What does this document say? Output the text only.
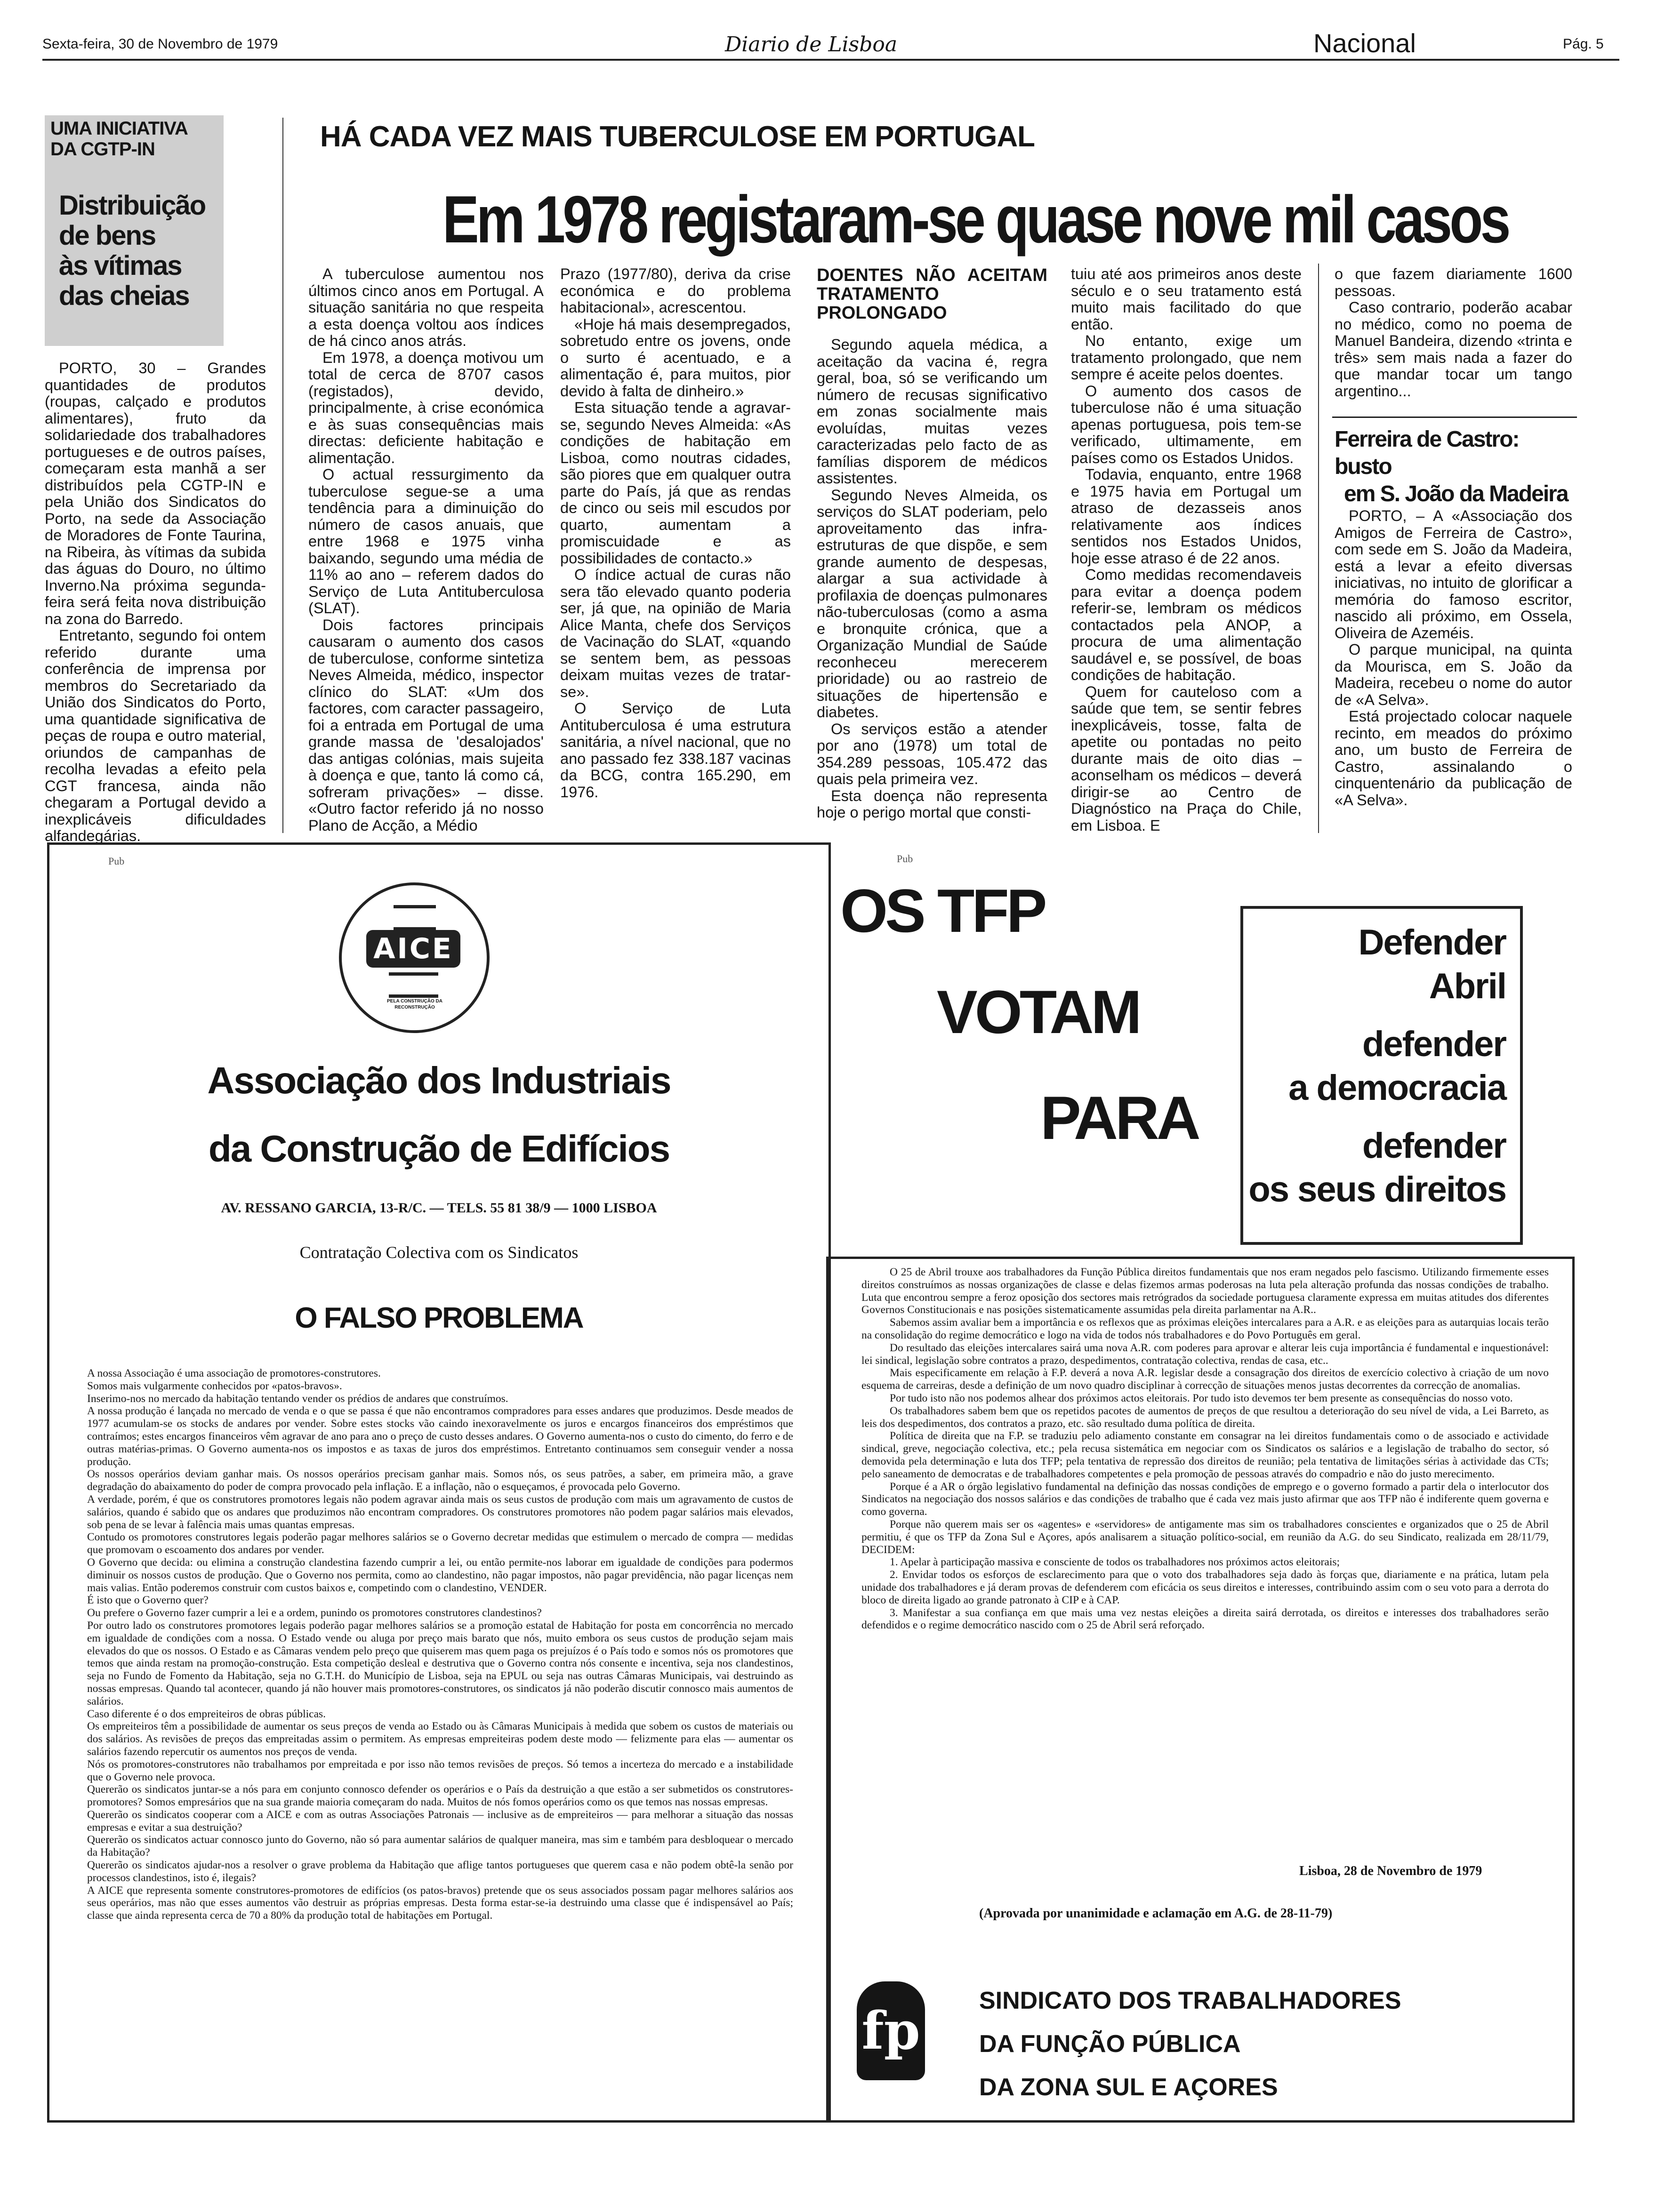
Sexta-feira, 30 de Novembro de 1979	Diario de Lisboa	Nacional	Pág. 5
UMA INICIATIVA
DA CGTP-IN
Distribuição
de bens
às vítimas
das cheias

PORTO, 30 – Grandes quantidades de produtos (roupas, calçado e produtos alimentares), fruto da solidariedade dos trabalhadores portugueses e de outros países, começaram esta manhã a ser distribuídos pela CGTP-IN e pela União dos Sindicatos do Porto, na sede da Associação de Moradores de Fonte Taurina, na Ribeira, às vítimas da subida das águas do Douro, no último Inverno.Na próxima segunda-feira será feita nova distribuição na zona do Barredo.

Entretanto, segundo foi ontem referido durante uma conferência de imprensa por membros do Secretariado da União dos Sindicatos do Porto, uma quantidade significativa de peças de roupa e outro material, oriundos de campanhas de recolha levadas a efeito pela CGT francesa, ainda não chegaram a Portugal devido a inexplicáveis dificuldades alfandegárias.

HÁ CADA VEZ MAIS TUBERCULOSE EM PORTUGAL
Em 1978 registaram-se quase nove mil casos

A tuberculose aumentou nos últimos cinco anos em Portugal. A situação sanitária no que respeita a esta doença voltou aos índices de há cinco anos atrás.

Em 1978, a doença motivou um total de cerca de 8707 casos (registados), devido, principalmente, à crise económica e às suas consequências mais directas: deficiente habitação e alimentação.

O actual ressurgimento da tuberculose segue-se a uma tendência para a diminuição do número de casos anuais, que entre 1968 e 1975 vinha baixando, segundo uma média de 11% ao ano – referem dados do Serviço de Luta Antituberculosa (SLAT).

Dois factores principais causaram o aumento dos casos de tuberculose, conforme sintetiza Neves Almeida, médico, inspector clínico do SLAT: «Um dos factores, com caracter passageiro, foi a entrada em Portugal de uma grande massa de 'desalojados' das antigas colónias, mais sujeita à doença e que, tanto lá como cá, sofreram privações» – disse. «Outro factor referido já no nosso Plano de Acção, a Médio

Prazo (1977/80), deriva da crise económica e do problema habitacional», acrescentou.

«Hoje há mais desempregados, sobretudo entre os jovens, onde o surto é acentuado, e a alimentação é, para muitos, pior devido à falta de dinheiro.»

Esta situação tende a agravar-se, segundo Neves Almeida: «As condições de habitação em Lisboa, como noutras cidades, são piores que em qualquer outra parte do País, já que as rendas de cinco ou seis mil escudos por quarto, aumentam a promiscuidade e as possibilidades de contacto.»

O índice actual de curas não sera tão elevado quanto poderia ser, já que, na opinião de Maria Alice Manta, chefe dos Serviços de Vacinação do SLAT, «quando se sentem bem, as pessoas deixam muitas vezes de tratar-se».

O Serviço de Luta Antituberculosa é uma estrutura sanitária, a nível nacional, que no ano passado fez 338.187 vacinas da BCG, contra 165.290, em 1976.

DOENTES NÃO ACEITAM TRATAMENTO PROLONGADO

Segundo aquela médica, a aceitação da vacina é, regra geral, boa, só se verificando um número de recusas significativo em zonas socialmente mais evoluídas, muitas vezes caracterizadas pelo facto de as famílias disporem de médicos assistentes.

Segundo Neves Almeida, os serviços do SLAT poderiam, pelo aproveitamento das infra-estruturas de que dispõe, e sem grande aumento de despesas, alargar a sua actividade à profilaxia de doenças pulmonares não-tuberculosas (como a asma e bronquite crónica, que a Organização Mundial de Saúde reconheceu merecerem prioridade) ou ao rastreio de situações de hipertensão e diabetes.

Os serviços estão a atender por ano (1978) um total de 354.289 pessoas, 105.472 das quais pela primeira vez.

Esta doença não representa hoje o perigo mortal que consti-

tuiu até aos primeiros anos deste século e o seu tratamento está muito mais facilitado do que então.

No entanto, exige um tratamento prolongado, que nem sempre é aceite pelos doentes.

O aumento dos casos de tuberculose não é uma situação apenas portuguesa, pois tem-se verificado, ultimamente, em países como os Estados Unidos.

Todavia, enquanto, entre 1968 e 1975 havia em Portugal um atraso de dezasseis anos relativamente aos índices sentidos nos Estados Unidos, hoje esse atraso é de 22 anos.

Como medidas recomendaveis para evitar a doença podem referir-se, lembram os médicos contactados pela ANOP, a procura de uma alimentação saudável e, se possível, de boas condições de habitação.

Quem for cauteloso com a saúde que tem, se sentir febres inexplicáveis, tosse, falta de apetite ou pontadas no peito durante mais de oito dias – aconselham os médicos – deverá dirigir-se ao Centro de Diagnóstico na Praça do Chile, em Lisboa. E

o que fazem diariamente 1600 pessoas.

Caso contrario, poderão acabar no médico, como no poema de Manuel Bandeira, dizendo «trinta e três» sem mais nada a fazer do que mandar tocar um tango argentino...

Ferreira de Castro:
busto
em S. João da Madeira

PORTO, – A «Associação dos Amigos de Ferreira de Castro», com sede em S. João da Madeira, está a levar a efeito diversas iniciativas, no intuito de glorificar a memória do famoso escritor, nascido ali próximo, em Ossela, Oliveira de Azeméis.

O parque municipal, na quinta da Mourisca, em S. João da Madeira, recebeu o nome do autor de «A Selva».

Está projectado colocar naquele recinto, em meados do próximo ano, um busto de Ferreira de Castro, assinalando o cinquentenário da publicação de «A Selva».

Pub
AICE
PELA CONSTRUÇÃO DA RECONSTRUÇÃO
Associação dos Industriais
da Construção de Edifícios
AV. RESSANO GARCIA, 13-R/C. — TELS. 55 81 38/9 — 1000 LISBOA
Contratação Colectiva com os Sindicatos
O FALSO PROBLEMA

A nossa Associação é uma associação de promotores-construtores.

Somos mais vulgarmente conhecidos por «patos-bravos».

Inserimo-nos no mercado da habitação tentando vender os prédios de andares que construímos.

A nossa produção é lançada no mercado de venda e o que se passa é que não encontramos compradores para esses andares que produzimos. Desde meados de 1977 acumulam-se os stocks de andares por vender. Sobre estes stocks vão caindo inexoravelmente os juros e encargos financeiros dos empréstimos que contraímos; estes encargos financeiros vêm agravar de ano para ano o preço de custo desses andares. O Governo aumenta-nos o custo do cimento, do ferro e de outras matérias-primas. O Governo aumenta-nos os impostos e as taxas de juros dos empréstimos. Entretanto continuamos sem conseguir vender a nossa produção.

Os nossos operários deviam ganhar mais. Os nossos operários precisam ganhar mais. Somos nós, os seus patrões, a saber, em primeira mão, a grave degradação do abaixamento do poder de compra provocado pela inflação. E a inflação, não o esqueçamos, é provocada pelo Governo.

A verdade, porém, é que os construtores promotores legais não podem agravar ainda mais os seus custos de produção com mais um agravamento de custos de salários, quando é sabido que os andares que produzimos não encontram compradores. Os construtores promotores não podem pagar salários mais elevados, sob pena de se levar à falência mais umas quantas empresas.

Contudo os promotores construtores legais poderão pagar melhores salários se o Governo decretar medidas que estimulem o mercado de compra — medidas que promovam o escoamento dos andares por vender.

O Governo que decida: ou elimina a construção clandestina fazendo cumprir a lei, ou então permite-nos laborar em igualdade de condições para podermos diminuir os nossos custos de produção. Que o Governo nos permita, como ao clandestino, não pagar impostos, não pagar previdência, não pagar licenças nem mais valias. Então poderemos construir com custos baixos e, competindo com o clandestino, VENDER.

É isto que o Governo quer?

Ou prefere o Governo fazer cumprir a lei e a ordem, punindo os promotores construtores clandestinos?

Por outro lado os construtores promotores legais poderão pagar melhores salários se a promoção estatal de Habitação for posta em concorrência no mercado em igualdade de condições com a nossa. O Estado vende ou aluga por preço mais barato que nós, muito embora os seus custos de produção sejam mais elevados do que os nossos. O Estado e as Câmaras vendem pelo preço que quiserem mas quem paga os prejuízos é o País todo e somos nós os promotores que temos que ainda restam na promoção-construção. Esta competição desleal e destrutiva que o Governo contra nós consente e incentiva, seja nos clandestinos, seja no Fundo de Fomento da Habitação, seja no G.T.H. do Município de Lisboa, seja na EPUL ou seja nas outras Câmaras Municipais, vai destruindo as nossas empresas. Quando tal acontecer, quando já não houver mais promotores-construtores, os sindicatos já não poderão discutir connosco mais aumentos de salários.

Caso diferente é o dos empreiteiros de obras públicas.

Os empreiteiros têm a possibilidade de aumentar os seus preços de venda ao Estado ou às Câmaras Municipais à medida que sobem os custos de materiais ou dos salários. As revisões de preços das empreitadas assim o permitem. As empresas empreiteiras podem deste modo — felizmente para elas — aumentar os salários fazendo repercutir os aumentos nos preços de venda.

Nós os promotores-construtores não trabalhamos por empreitada e por isso não temos revisões de preços. Só temos a incerteza do mercado e a instabilidade que o Governo nele provoca.

Quererão os sindicatos juntar-se a nós para em conjunto connosco defender os operários e o País da destruição a que estão a ser submetidos os construtores-promotores? Somos empresários que na sua grande maioria começaram do nada. Muitos de nós fomos operários como os que temos nas nossas empresas.

Quererão os sindicatos cooperar com a AICE e com as outras Associações Patronais — inclusive as de empreiteiros — para melhorar a situação das nossas empresas e evitar a sua destruição?

Quererão os sindicatos actuar connosco junto do Governo, não só para aumentar salários de qualquer maneira, mas sim e também para desbloquear o mercado da Habitação?

Quererão os sindicatos ajudar-nos a resolver o grave problema da Habitação que aflige tantos portugueses que querem casa e não podem obtê-la senão por processos clandestinos, isto é, ilegais?

A AICE que representa somente construtores-promotores de edifícios (os patos-bravos) pretende que os seus associados possam pagar melhores salários aos seus operários, mas não que esses aumentos vão destruir as próprias empresas. Desta forma estar-se-ia destruindo uma classe que é indispensável ao País; classe que ainda representa cerca de 70 a 80% da produção total de habitações em Portugal.

Pub
OS TFP
VOTAM
PARA
Defender
Abril
defender
a democracia
defender
os seus direitos

O 25 de Abril trouxe aos trabalhadores da Função Pública direitos fundamentais que nos eram negados pelo fascismo. Utilizando firmemente esses direitos construímos as nossas organizações de classe e delas fizemos armas poderosas na luta pela alteração profunda das nossas condições de trabalho. Luta que encontrou sempre a feroz oposição dos sectores mais retrógrados da sociedade portuguesa claramente expressa em muitas atitudes dos diferentes Governos Constitucionais e nas posições sistematicamente assumidas pela direita parlamentar na A.R..

Sabemos assim avaliar bem a importância e os reflexos que as próximas eleições intercalares para a A.R. e as eleições para as autarquias locais terão na consolidação do regime democrático e logo na vida de todos nós trabalhadores e do Povo Português em geral.

Do resultado das eleições intercalares sairá uma nova A.R. com poderes para aprovar e alterar leis cuja importância é fundamental e inquestionável: lei sindical, legislação sobre contratos a prazo, despedimentos, contratação colectiva, rendas de casa, etc..

Mais especificamente em relação à F.P. deverá a nova A.R. legislar desde a consagração dos direitos de exercício colectivo à criação de um novo esquema de carreiras, desde a definição de um novo quadro disciplinar à correcção de situações menos justas decorrentes da correcção de anomalias.

Por tudo isto não nos podemos alhear dos próximos actos eleitorais. Por tudo isto devemos ter bem presente as consequências do nosso voto.

Os trabalhadores sabem bem que os repetidos pacotes de aumentos de preços de que resultou a deterioração do seu nível de vida, a Lei Barreto, as leis dos despedimentos, dos contratos a prazo, etc. são resultado duma política de direita.

Política de direita que na F.P. se traduziu pelo adiamento constante em consagrar na lei direitos fundamentais como o de associado e actividade sindical, greve, negociação colectiva, etc.; pela recusa sistemática em negociar com os Sindicatos os salários e a legislação de trabalho do sector, só demovida pela determinação e luta dos TFP; pela tentativa de repressão dos direitos de reunião; pela tentativa de limitações sérias à actividade das CTs; pelo saneamento de democratas e de trabalhadores competentes e pela promoção de pessoas através do compadrio e não do justo merecimento.

Porque é a AR o órgão legislativo fundamental na definição das nossas condições de emprego e o governo formado a partir dela o interlocutor dos Sindicatos na negociação dos nossos salários e das condições de trabalho que é cada vez mais justo afirmar que aos TFP não é indiferente quem governa e como governa.

Porque não querem mais ser os «agentes» e «servidores» de antigamente mas sim os trabalhadores conscientes e organizados que o 25 de Abril permitiu, é que os TFP da Zona Sul e Açores, após analisarem a situação político-social, em reunião da A.G. do seu Sindicato, realizada em 28/11/79, DECIDEM:

1. Apelar à participação massiva e consciente de todos os trabalhadores nos próximos actos eleitorais;

2. Envidar todos os esforços de esclarecimento para que o voto dos trabalhadores seja dado às forças que, diariamente e na prática, lutam pela unidade dos trabalhadores e já deram provas de defenderem com eficácia os seus direitos e interesses, contribuindo assim com o seu voto para a derrota do bloco de direita ligado ao grande patronato à CIP e à CAP.

3. Manifestar a sua confiança em que mais uma vez nestas eleições a direita sairá derrotada, os direitos e interesses dos trabalhadores serão defendidos e o regime democrático nascido com o 25 de Abril será reforçado.

Lisboa, 28 de Novembro de 1979
(Aprovada por unanimidade e aclamação em A.G. de 28-11-79)
fp SINDICATO DOS TRABALHADORES
DA FUNÇÃO PÚBLICA
DA ZONA SUL E AÇORES
